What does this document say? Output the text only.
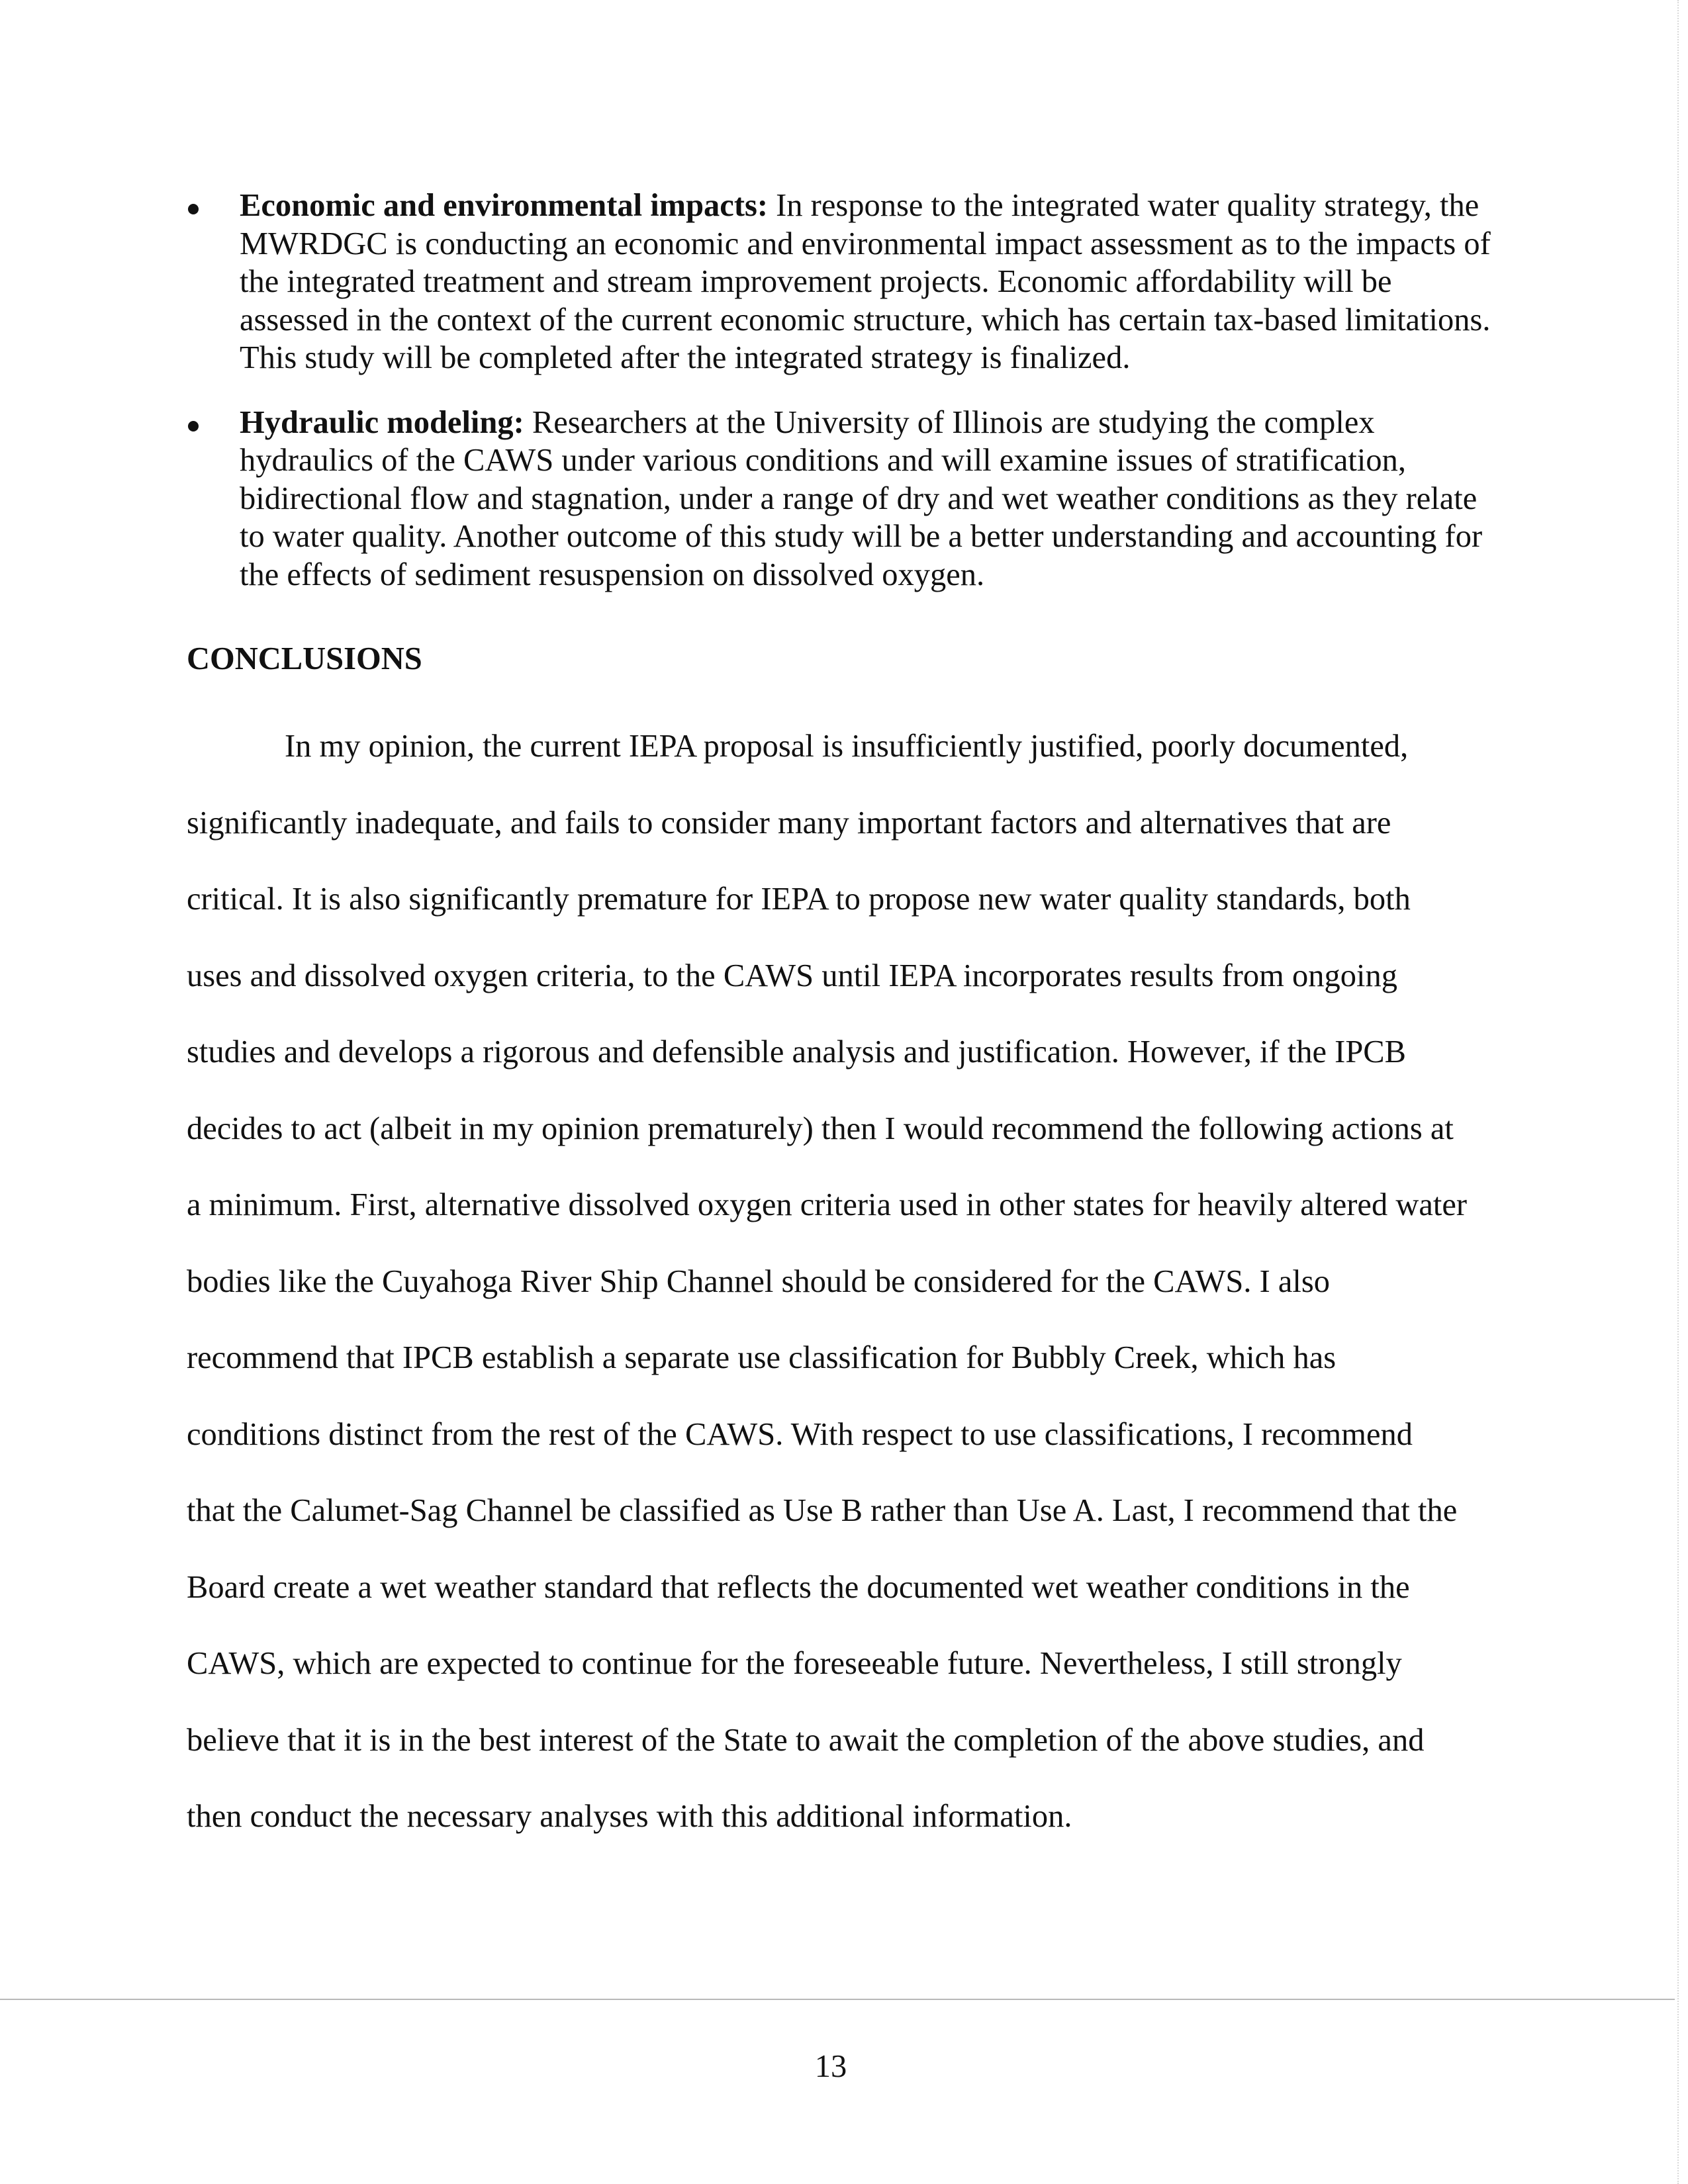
Economic and environmental impacts: In response to the integrated water quality strategy, the MWRDGC is conducting an economic and environmental impact assessment as to the impacts of the integrated treatment and stream improvement projects. Economic affordability will be assessed in the context of the current economic structure, which has certain tax-based limitations. This study will be completed after the integrated strategy is finalized.
Hydraulic modeling: Researchers at the University of Illinois are studying the complex hydraulics of the CAWS under various conditions and will examine issues of stratification, bidirectional flow and stagnation, under a range of dry and wet weather conditions as they relate to water quality. Another outcome of this study will be a better understanding and accounting for the effects of sediment resuspension on dissolved oxygen.
CONCLUSIONS

In my opinion, the current IEPA proposal is insufficiently justified, poorly documented, significantly inadequate, and fails to consider many important factors and alternatives that are critical. It is also significantly premature for IEPA to propose new water quality standards, both uses and dissolved oxygen criteria, to the CAWS until IEPA incorporates results from ongoing studies and develops a rigorous and defensible analysis and justification. However, if the IPCB decides to act (albeit in my opinion prematurely) then I would recommend the following actions at a minimum. First, alternative dissolved oxygen criteria used in other states for heavily altered water bodies like the Cuyahoga River Ship Channel should be considered for the CAWS. I also recommend that IPCB establish a separate use classification for Bubbly Creek, which has conditions distinct from the rest of the CAWS. With respect to use classifications, I recommend that the Calumet-Sag Channel be classified as Use B rather than Use A. Last, I recommend that the Board create a wet weather standard that reflects the documented wet weather conditions in the CAWS, which are expected to continue for the foreseeable future. Nevertheless, I still strongly believe that it is in the best interest of the State to await the completion of the above studies, and then conduct the necessary analyses with this additional information.

13
